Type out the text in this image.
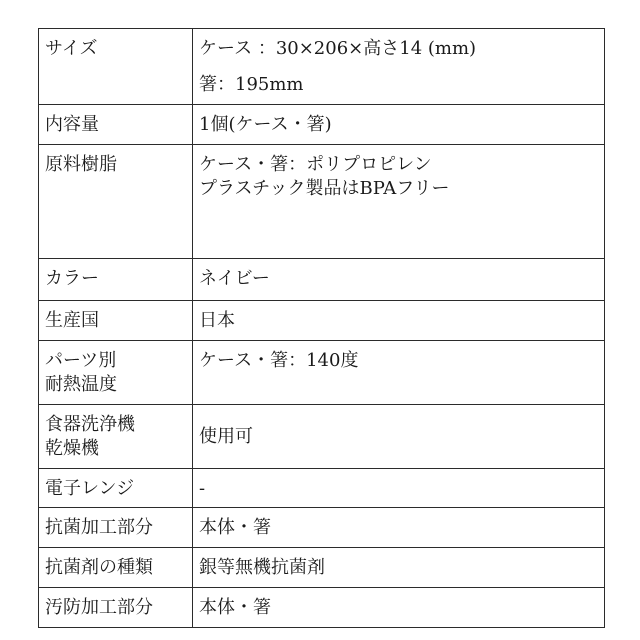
サイズ	ケース ：30×206×高さ14 (mm)
箸：195mm

内容量	1個(ケース・箸)

原料樹脂	ケース・箸：ポリプロピレン
プラスチック製品はBPAフリー

カラー	ネイビー

生産国	日本

パーツ別
耐熱温度	ケース・箸：140度

食器洗浄機
乾燥機	使用可

電子レンジ	-

抗菌加工部分	本体・箸

抗菌剤の種類	銀等無機抗菌剤

汚防加工部分	本体・箸
